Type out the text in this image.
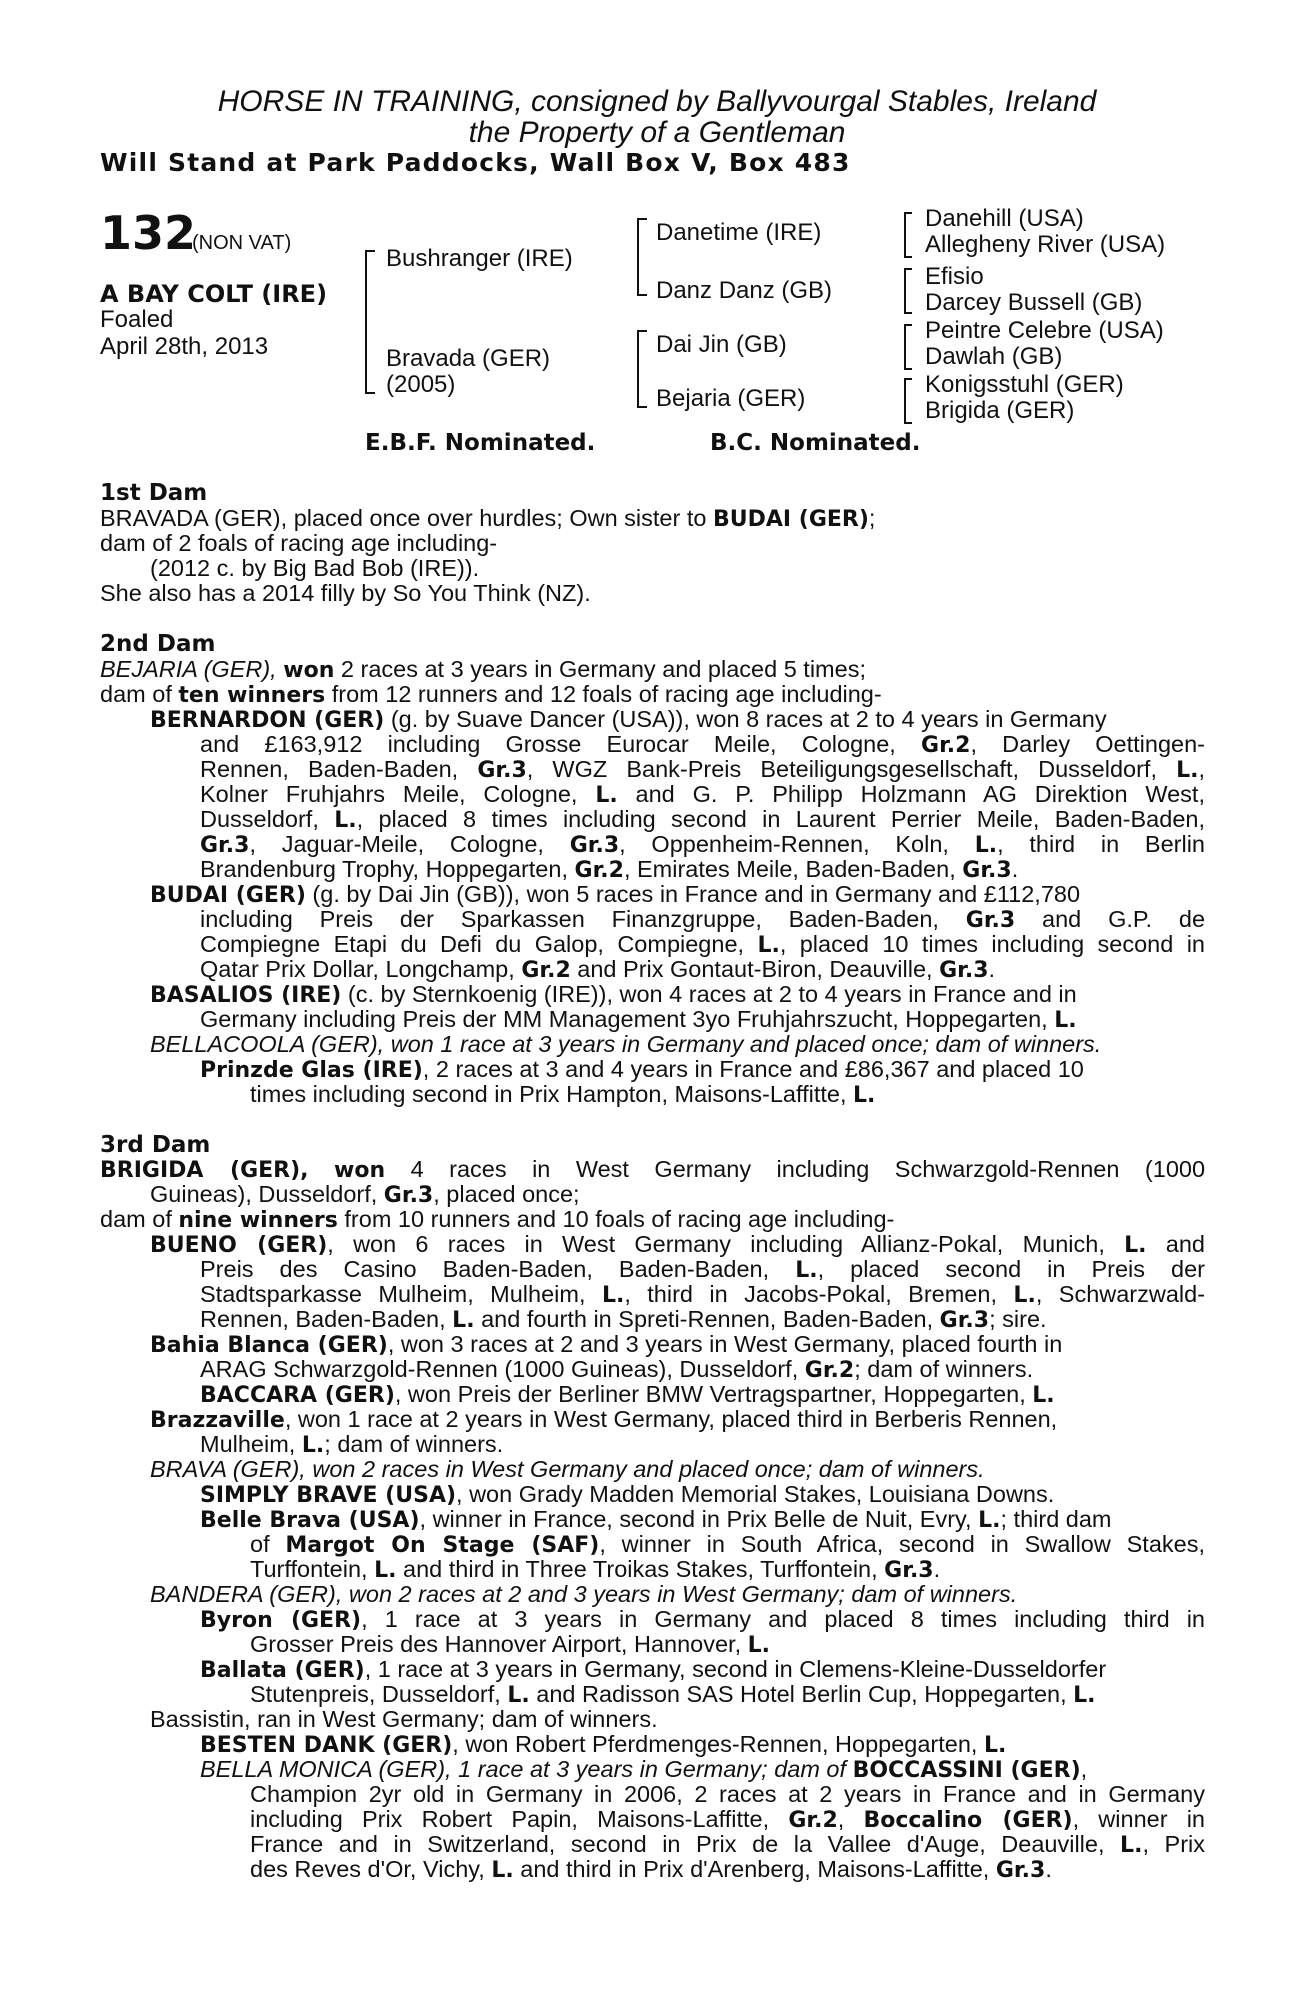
HORSE IN TRAINING, consigned by Ballyvourgal Stables, Ireland
the Property of a Gentleman
Will Stand at Park Paddocks, Wall Box V, Box 483
132
(NON VAT)
A BAY COLT (IRE)
Foaled
April 28th, 2013
Bushranger (IRE)
Bravada (GER)
(2005)
Danetime (IRE)
Danz Danz (GB)
Dai Jin (GB)
Bejaria (GER)
Danehill (USA)
Allegheny River (USA)
Efisio
Darcey Bussell (GB)
Peintre Celebre (USA)
Dawlah (GB)
Konigsstuhl (GER)
Brigida (GER)
E.B.F. Nominated.	B.C. Nominated.
1st Dam
BRAVADA (GER), placed once over hurdles; Own sister to BUDAI (GER);
dam of 2 foals of racing age including-
(2012 c. by Big Bad Bob (IRE)).
She also has a 2014 filly by So You Think (NZ).
2nd Dam
BEJARIA (GER), won 2 races at 3 years in Germany and placed 5 times;
dam of ten winners from 12 runners and 12 foals of racing age including-
BERNARDON (GER) (g. by Suave Dancer (USA)), won 8 races at 2 to 4 years in Germany
and £163,912 including Grosse Eurocar Meile, Cologne, Gr.2, Darley Oettingen-
Rennen, Baden-Baden, Gr.3, WGZ Bank-Preis Beteiligungsgesellschaft, Dusseldorf, L.,
Kolner Fruhjahrs Meile, Cologne, L. and G. P. Philipp Holzmann AG Direktion West,
Dusseldorf, L., placed 8 times including second in Laurent Perrier Meile, Baden-Baden,
Gr.3, Jaguar-Meile, Cologne, Gr.3, Oppenheim-Rennen, Koln, L., third in Berlin
Brandenburg Trophy, Hoppegarten, Gr.2, Emirates Meile, Baden-Baden, Gr.3.
BUDAI (GER) (g. by Dai Jin (GB)), won 5 races in France and in Germany and £112,780
including Preis der Sparkassen Finanzgruppe, Baden-Baden, Gr.3 and G.P. de
Compiegne Etapi du Defi du Galop, Compiegne, L., placed 10 times including second in
Qatar Prix Dollar, Longchamp, Gr.2 and Prix Gontaut-Biron, Deauville, Gr.3.
BASALIOS (IRE) (c. by Sternkoenig (IRE)), won 4 races at 2 to 4 years in France and in
Germany including Preis der MM Management 3yo Fruhjahrszucht, Hoppegarten, L.
BELLACOOLA (GER), won 1 race at 3 years in Germany and placed once; dam of winners.
Prinzde Glas (IRE), 2 races at 3 and 4 years in France and £86,367 and placed 10
times including second in Prix Hampton, Maisons-Laffitte, L.
3rd Dam
BRIGIDA (GER), won 4 races in West Germany including Schwarzgold-Rennen (1000
Guineas), Dusseldorf, Gr.3, placed once;
dam of nine winners from 10 runners and 10 foals of racing age including-
BUENO (GER), won 6 races in West Germany including Allianz-Pokal, Munich, L. and
Preis des Casino Baden-Baden, Baden-Baden, L., placed second in Preis der
Stadtsparkasse Mulheim, Mulheim, L., third in Jacobs-Pokal, Bremen, L., Schwarzwald-
Rennen, Baden-Baden, L. and fourth in Spreti-Rennen, Baden-Baden, Gr.3; sire.
Bahia Blanca (GER), won 3 races at 2 and 3 years in West Germany, placed fourth in
ARAG Schwarzgold-Rennen (1000 Guineas), Dusseldorf, Gr.2; dam of winners.
BACCARA (GER), won Preis der Berliner BMW Vertragspartner, Hoppegarten, L.
Brazzaville, won 1 race at 2 years in West Germany, placed third in Berberis Rennen,
Mulheim, L.; dam of winners.
BRAVA (GER), won 2 races in West Germany and placed once; dam of winners.
SIMPLY BRAVE (USA), won Grady Madden Memorial Stakes, Louisiana Downs.
Belle Brava (USA), winner in France, second in Prix Belle de Nuit, Evry, L.; third dam
of Margot On Stage (SAF), winner in South Africa, second in Swallow Stakes,
Turffontein, L. and third in Three Troikas Stakes, Turffontein, Gr.3.
BANDERA (GER), won 2 races at 2 and 3 years in West Germany; dam of winners.
Byron (GER), 1 race at 3 years in Germany and placed 8 times including third in
Grosser Preis des Hannover Airport, Hannover, L.
Ballata (GER), 1 race at 3 years in Germany, second in Clemens-Kleine-Dusseldorfer
Stutenpreis, Dusseldorf, L. and Radisson SAS Hotel Berlin Cup, Hoppegarten, L.
Bassistin, ran in West Germany; dam of winners.
BESTEN DANK (GER), won Robert Pferdmenges-Rennen, Hoppegarten, L.
BELLA MONICA (GER), 1 race at 3 years in Germany; dam of BOCCASSINI (GER),
Champion 2yr old in Germany in 2006, 2 races at 2 years in France and in Germany
including Prix Robert Papin, Maisons-Laffitte, Gr.2, Boccalino (GER), winner in
France and in Switzerland, second in Prix de la Vallee d'Auge, Deauville, L., Prix
des Reves d'Or, Vichy, L. and third in Prix d'Arenberg, Maisons-Laffitte, Gr.3.
